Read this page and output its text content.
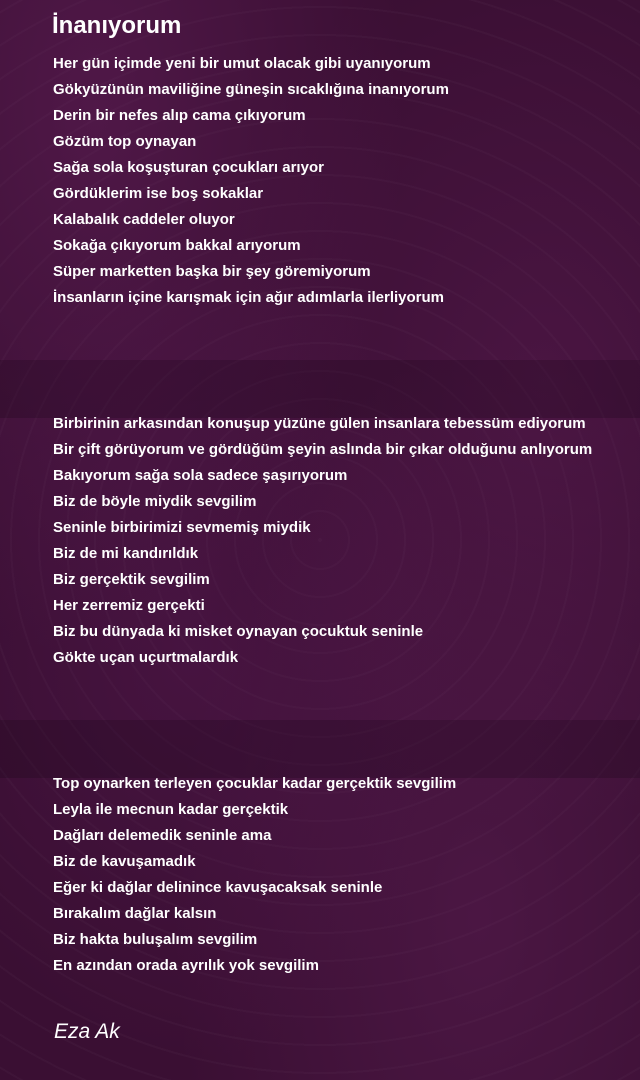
İnanıyorum
Her gün içimde yeni bir umut olacak gibi uyanıyorum
Gökyüzünün maviliğine güneşin sıcaklığına inanıyorum
Derin bir nefes alıp cama çıkıyorum
Gözüm top oynayan
Sağa sola koşuşturan çocukları arıyor
Gördüklerim ise boş sokaklar
Kalabalık caddeler oluyor
Sokağa çıkıyorum bakkal arıyorum
Süper marketten başka bir şey göremiyorum
İnsanların içine karışmak için ağır adımlarla ilerliyorum
Birbirinin arkasından konuşup yüzüne gülen insanlara tebessüm ediyorum
Bir çift görüyorum ve gördüğüm şeyin aslında bir çıkar olduğunu anlıyorum
Bakıyorum sağa sola sadece şaşırıyorum
Biz de böyle miydik sevgilim
Seninle birbirimizi sevmemiş miydik
Biz de mi kandırıldık
Biz gerçektik sevgilim
Her zerremiz gerçekti
Biz bu dünyada ki misket oynayan çocuktuk seninle
Gökte uçan uçurtmalardık
Top oynarken terleyen çocuklar kadar gerçektik sevgilim
Leyla ile mecnun kadar gerçektik
Dağları delemedik seninle ama
Biz de kavuşamadık
Eğer ki dağlar delinince kavuşacaksak seninle
Bırakalım dağlar kalsın
Biz hakta buluşalım sevgilim
En azından orada ayrılık yok sevgilim
Eza Ak
